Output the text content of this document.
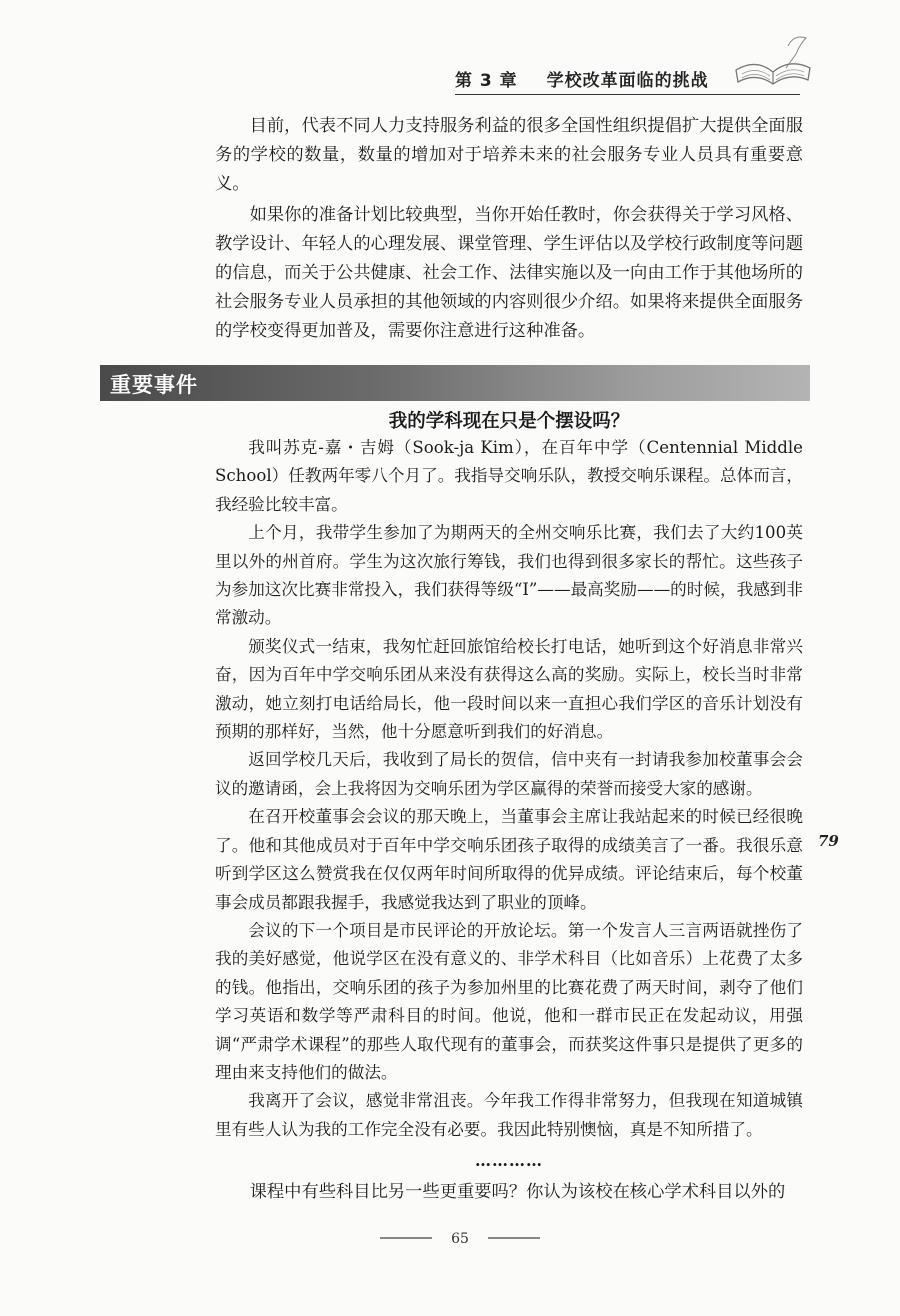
第 3 章 学校改革面临的挑战

目前，代表不同人力支持服务利益的很多全国性组织提倡扩大提供全面服务的学校的数量，数量的增加对于培养未来的社会服务专业人员具有重要意义。

如果你的准备计划比较典型，当你开始任教时，你会获得关于学习风格、教学设计、年轻人的心理发展、课堂管理、学生评估以及学校行政制度等问题的信息，而关于公共健康、社会工作、法律实施以及一向由工作于其他场所的社会服务专业人员承担的其他领域的内容则很少介绍。如果将来提供全面服务的学校变得更加普及，需要你注意进行这种准备。

重要事件
我的学科现在只是个摆设吗？

我叫苏克-嘉・吉姆（Sook-ja Kim），在百年中学（Centennial Middle School）任教两年零八个月了。我指导交响乐队，教授交响乐课程。总体而言，我经验比较丰富。

上个月，我带学生参加了为期两天的全州交响乐比赛，我们去了大约100英里以外的州首府。学生为这次旅行筹钱，我们也得到很多家长的帮忙。这些孩子为参加这次比赛非常投入，我们获得等级“I”——最高奖励——的时候，我感到非常激动。

颁奖仪式一结束，我匆忙赶回旅馆给校长打电话，她听到这个好消息非常兴奋，因为百年中学交响乐团从来没有获得这么高的奖励。实际上，校长当时非常激动，她立刻打电话给局长，他一段时间以来一直担心我们学区的音乐计划没有预期的那样好，当然，他十分愿意听到我们的好消息。

返回学校几天后，我收到了局长的贺信，信中夹有一封请我参加校董事会会议的邀请函，会上我将因为交响乐团为学区赢得的荣誉而接受大家的感谢。

在召开校董事会会议的那天晚上，当董事会主席让我站起来的时候已经很晚了。他和其他成员对于百年中学交响乐团孩子取得的成绩美言了一番。我很乐意听到学区这么赞赏我在仅仅两年时间所取得的优异成绩。评论结束后，每个校董事会成员都跟我握手，我感觉我达到了职业的顶峰。

会议的下一个项目是市民评论的开放论坛。第一个发言人三言两语就挫伤了我的美好感觉，他说学区在没有意义的、非学术科目（比如音乐）上花费了太多的钱。他指出，交响乐团的孩子为参加州里的比赛花费了两天时间，剥夺了他们学习英语和数学等严肃科目的时间。他说，他和一群市民正在发起动议，用强调“严肃学术课程”的那些人取代现有的董事会，而获奖这件事只是提供了更多的理由来支持他们的做法。

我离开了会议，感觉非常沮丧。今年我工作得非常努力，但我现在知道城镇里有些人认为我的工作完全没有必要。我因此特别懊恼，真是不知所措了。

…………

课程中有些科目比另一些更重要吗？你认为该校在核心学术科目以外的

79
65
